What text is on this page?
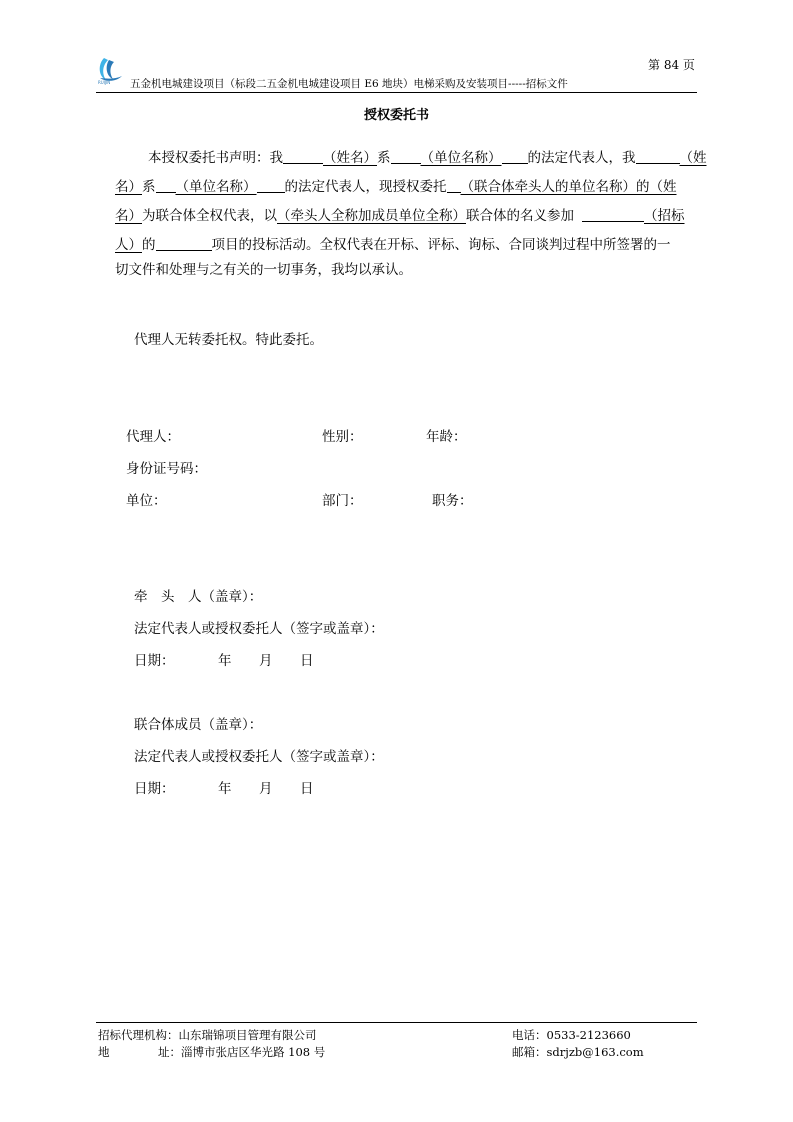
RUIJIN
第 84 页
五金机电城建设项目（标段二五金机电城建设项目 E6 地块）电梯采购及安装项目-----招标文件
授权委托书
本授权委托书声明：我	（姓名）系 （单位名称） 的法定代表人，我	（姓
名）系 （单位名称） 的法定代表人，现授权委托 （联合体牵头人的单位名称）的（姓
名）为联合体全权代表，以（牵头人全称加成员单位全称）联合体的名义参加	（招标
人）的	项目的投标活动。全权代表在开标、评标、询标、合同谈判过程中所签署的一
切文件和处理与之有关的一切事务，我均以承认。
代理人无转委托权。特此委托。
代理人：	性别：	年龄：
身份证号码：
单位：	部门：	职务：
牵　头　人（盖章）：
法定代表人或授权委托人（签字或盖章）：
日期：	年 月 日
联合体成员（盖章）：
法定代表人或授权委托人（签字或盖章）：
日期：	年 月 日
招标代理机构：山东瑞锦项目管理有限公司
地	址：淄博市张店区华光路 108 号
电话：0533-2123660
邮箱：sdrjzb@163.com
